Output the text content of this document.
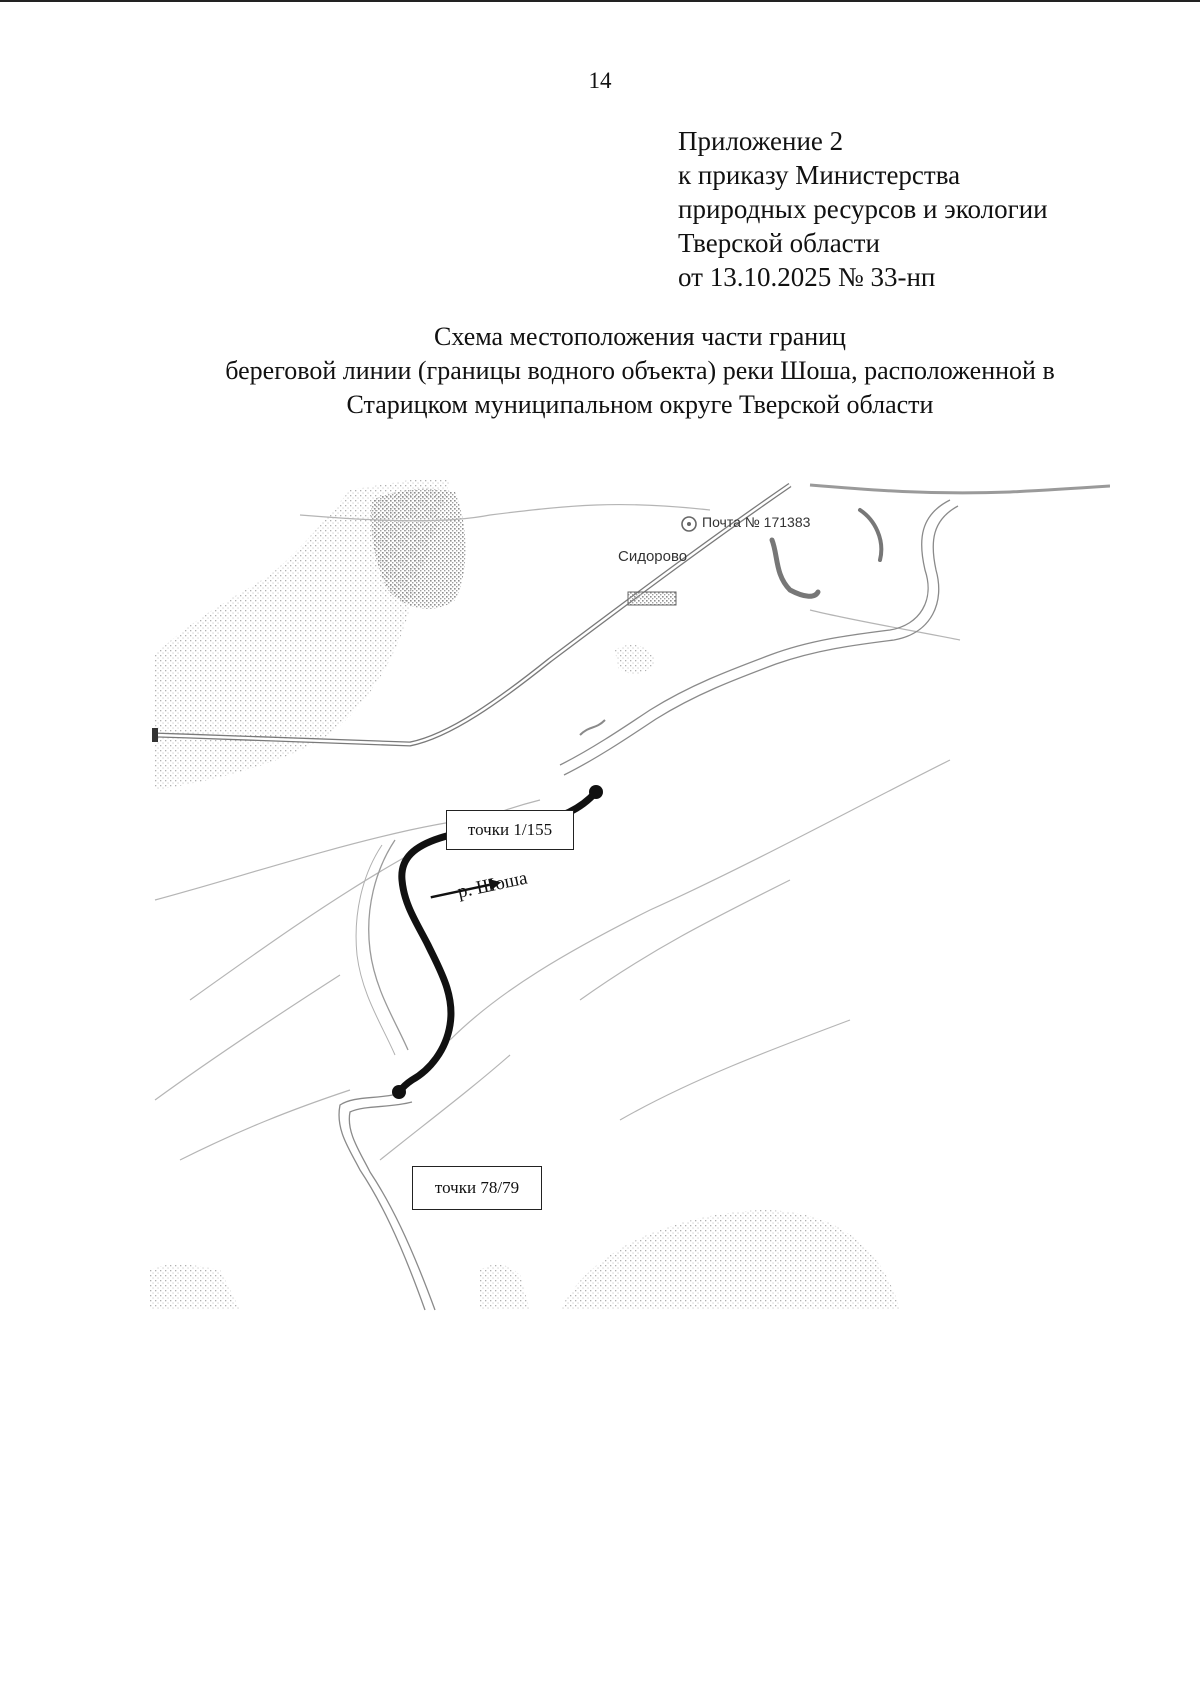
14
Приложение 2
к приказу Министерства
природных ресурсов и экологии
Тверской области
от 13.10.2025 № 33-нп
Схема местоположения части границ
береговой линии (границы водного объекта) реки Шоша, расположенной в
Старицком муниципальном округе Тверской области
Почта № 171383
Сидорово
р. Шоша
точки 1/155
точки 78/79
